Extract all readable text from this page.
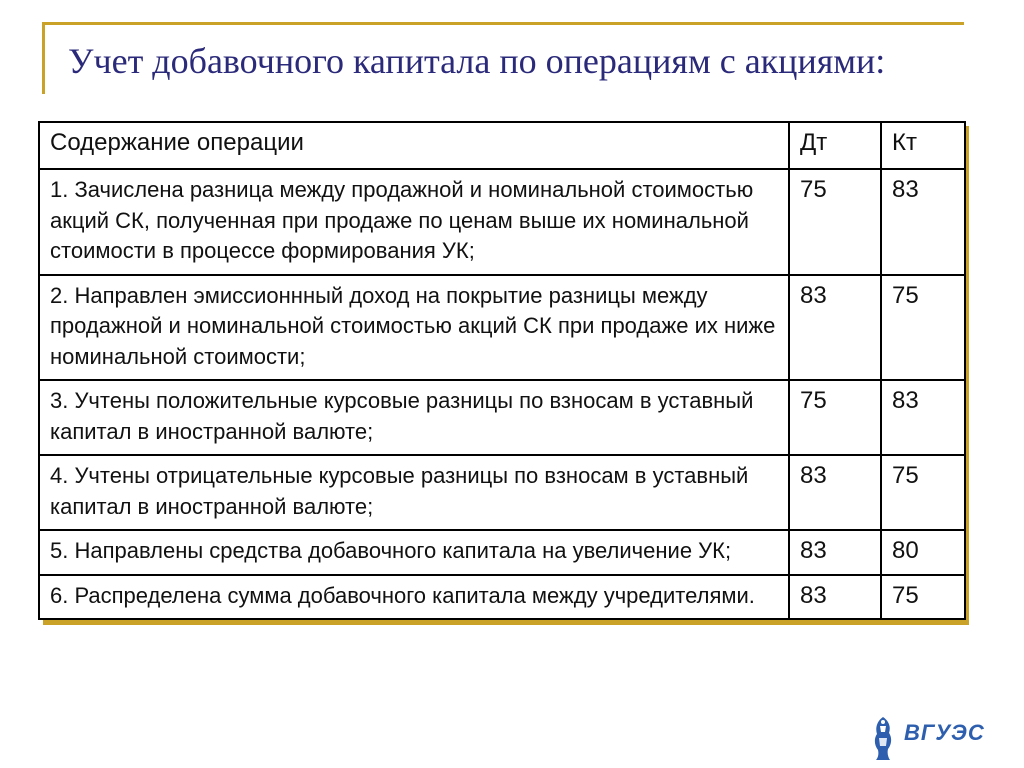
Учет добавочного капитала по операциям с акциями:
Содержание операции	Дт	Кт
1. Зачислена разница между продажной и номинальной стоимостью акций СК, полученная при продаже по ценам выше их номинальной стоимости в процессе формирования УК;	75	83
2. Направлен эмиссионнный доход на покрытие разницы между продажной и номинальной стоимостью акций СК при продаже их ниже номинальной стоимости;	83	75
3. Учтены положительные курсовые разницы по взносам в уставный капитал в иностранной валюте;	75	83
4. Учтены отрицательные курсовые разницы по взносам в уставный капитал в иностранной валюте;	83	75
5. Направлены средства добавочного капитала на увеличение УК;	83	80
6. Распределена сумма добавочного капитала между учредителями.	83	75
ВГУЭС
